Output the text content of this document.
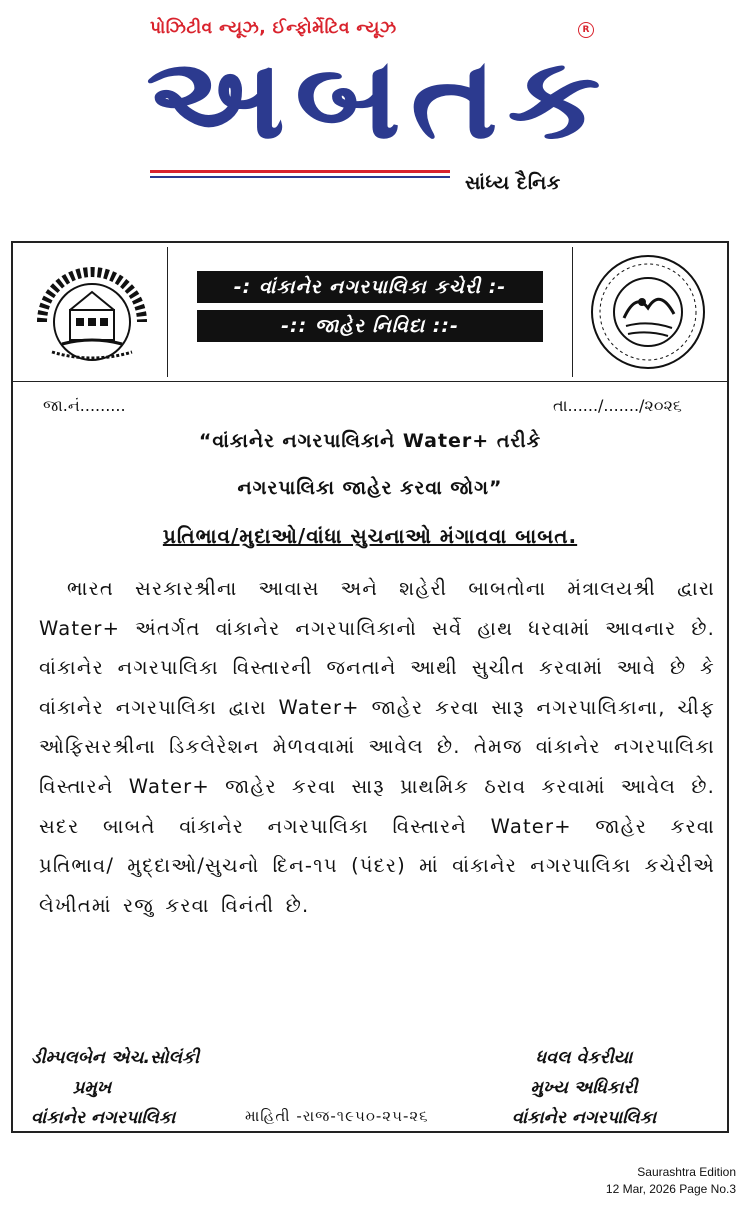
પોઝિટીવ ન્યૂઝ, ઈન્ફોર્મેટિવ ન્યૂઝ	R
અબતક
સાંધ્ય દૈનિક
-: વાંકાનેર નગરપાલિકા કચેરી :-
-:: જાહેર નિવિદા ::-
જા.નં.........	તા....../......./૨૦૨૬
“વાંકાનેર નગરપાલિકાને Water+ તરીકે
નગરપાલિકા જાહેર કરવા જોગ”
પ્રતિભાવ/મુદાઓ/વાંધા સુચનાઓ મંગાવવા બાબત.
ભારત સરકારશ્રીના આવાસ અને શહેરી બાબતોના મંત્રાલયશ્રી દ્વારા Water+ અંતર્ગત વાંકાનેર નગરપાલિકાનો સર્વે હાથ ધરવામાં આવનાર છે. વાંકાનેર નગરપાલિકા વિસ્તારની જનતાને આથી સુચીત કરવામાં આવે છે કે વાંકાનેર નગરપાલિકા દ્વારા Water+ જાહેર કરવા સારૂ નગરપાલિકાના, ચીફ ઓફિસરશ્રીના ડિકલેરેશન મેળવવામાં આવેલ છે. તેમજ વાંકાનેર નગરપાલિકા વિસ્તારને Water+ જાહેર કરવા સારૂ પ્રાથમિક ઠરાવ કરવામાં આવેલ છે. સદર બાબતે વાંકાનેર નગરપાલિકા વિસ્તારને Water+ જાહેર કરવા પ્રતિભાવ/ મુદ્દાઓ/સુચનો દિન-૧૫ (પંદર) માં વાંકાનેર નગરપાલિકા કચેરીએ લેખીતમાં રજુ કરવા વિનંતી છે.
ડીમ્પલબેન એચ.સોલંકી
પ્રમુખ
વાંકાનેર નગરપાલિકા
ધવલ વેકરીયા
મુખ્ય અધિકારી
વાંકાનેર નગરપાલિકા
માહિતી -રાજ-૧૯૫૦-૨૫-૨૬
Saurashtra Edition
12 Mar, 2026 Page No.3
